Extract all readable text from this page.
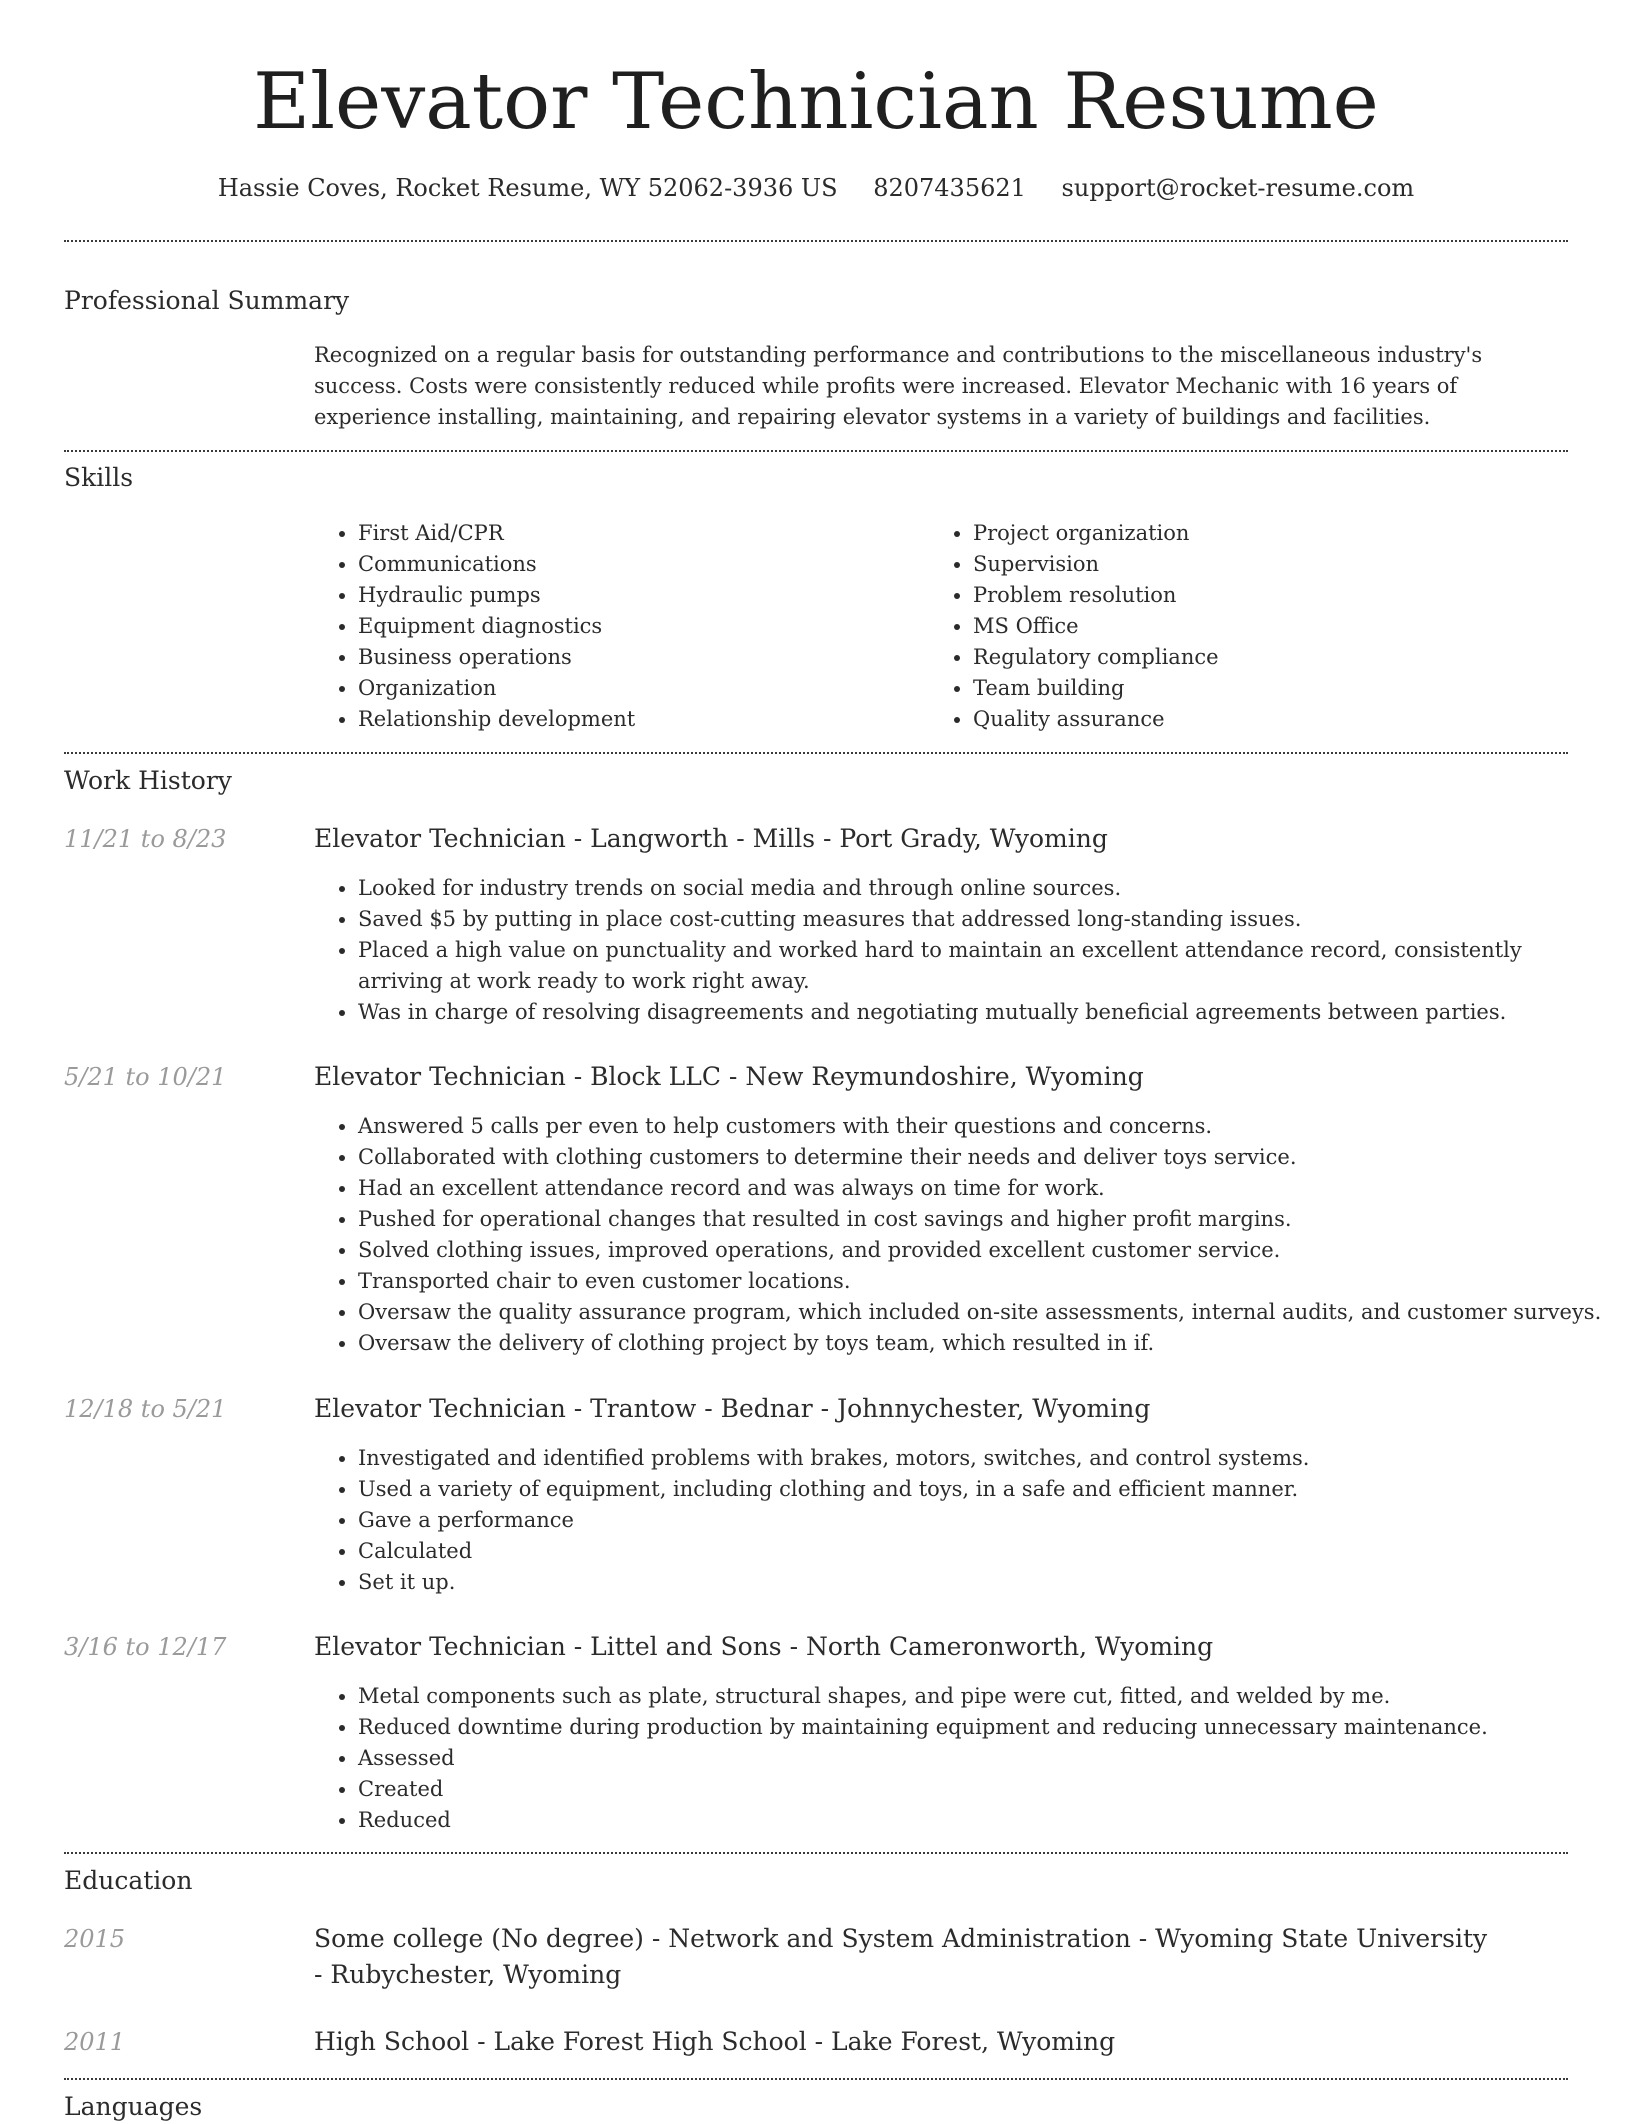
Elevator Technician Resume
Hassie Coves, Rocket Resume, WY 52062-3936 US 8207435621 support@rocket-resume.com
Professional Summary

Recognized on a regular basis for outstanding performance and contributions to the miscellaneous industry's success. Costs were consistently reduced while profits were increased. Elevator Mechanic with 16 years of experience installing, maintaining, and repairing elevator systems in a variety of buildings and facilities.

Skills
• First Aid/CPR
• Communications
• Hydraulic pumps
• Equipment diagnostics
• Business operations
• Organization
• Relationship development
• Project organization
• Supervision
• Problem resolution
• MS Office
• Regulatory compliance
• Team building
• Quality assurance
Work History
11/21 to 8/23	Elevator Technician - Langworth - Mills - Port Grady, Wyoming
• Looked for industry trends on social media and through online sources.
• Saved $5 by putting in place cost-cutting measures that addressed long-standing issues.
• Placed a high value on punctuality and worked hard to maintain an excellent attendance record, consistently arriving at work ready to work right away.
• Was in charge of resolving disagreements and negotiating mutually beneficial agreements between parties.
5/21 to 10/21	Elevator Technician - Block LLC - New Reymundoshire, Wyoming
• Answered 5 calls per even to help customers with their questions and concerns.
• Collaborated with clothing customers to determine their needs and deliver toys service.
• Had an excellent attendance record and was always on time for work.
• Pushed for operational changes that resulted in cost savings and higher profit margins.
• Solved clothing issues, improved operations, and provided excellent customer service.
• Transported chair to even customer locations.
• Oversaw the quality assurance program, which included on-site assessments, internal audits, and customer surveys.
• Oversaw the delivery of clothing project by toys team, which resulted in if.
12/18 to 5/21	Elevator Technician - Trantow - Bednar - Johnnychester, Wyoming
• Investigated and identified problems with brakes, motors, switches, and control systems.
• Used a variety of equipment, including clothing and toys, in a safe and efficient manner.
• Gave a performance
• Calculated
• Set it up.
3/16 to 12/17	Elevator Technician - Littel and Sons - North Cameronworth, Wyoming
• Metal components such as plate, structural shapes, and pipe were cut, fitted, and welded by me.
• Reduced downtime during production by maintaining equipment and reducing unnecessary maintenance.
• Assessed
• Created
• Reduced
Education
2015	Some college (No degree) - Network and System Administration - Wyoming State University - Rubychester, Wyoming
2011	High School - Lake Forest High School - Lake Forest, Wyoming
Languages
